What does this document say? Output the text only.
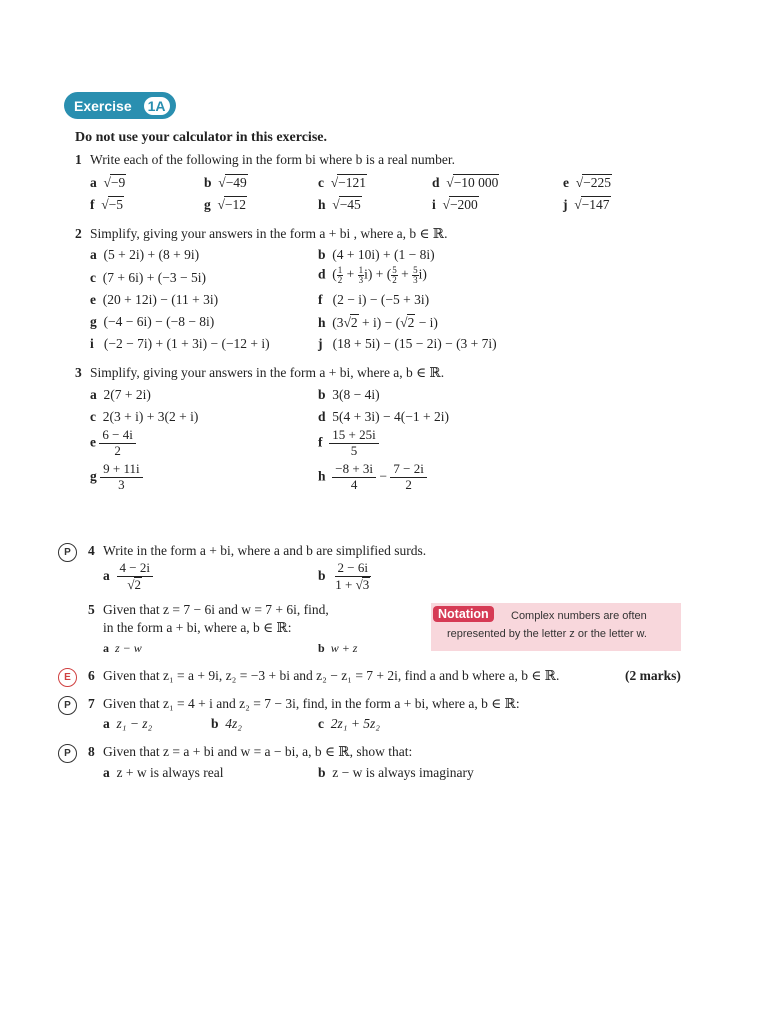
Exercise	1A
Do not use your calculator in this exercise.
1 Write each of the following in the form bi where b is a real number.
a  √−9	b  √−49	c  √−121	d  √−10 000	e  √−225
f  √−5	g  √−12	h  √−45	i  √−200	j  √−147
2 Simplify, giving your answers in the form a + bi , where a, b ∈ ℝ.
a (5 + 2i) + (8 + 9i)	b (4 + 10i) + (1 − 8i)
c (7 + 6i) + (−3 − 5i)	d  ( $\frac{1}{2} + \frac{1}{3} i$) + ( $\frac{5}{2} + \frac{5}{3} i$)
e (20 + 12i) − (11 + 3i)	f (2 − i) − (−5 + 3i)
g (−4 − 6i) − (−8 − 8i)	h  (3√2 + i) − (√2 − i)
i (−2 − 7i) + (1 + 3i) − (−12 + i)	j (18 + 5i) − (15 − 2i) − (3 + 7i)
3 Simplify, giving your answers in the form a + bi, where a, b ∈ ℝ.
a 2(7 + 2i)	b 3(8 − 4i)
c 2(3 + i) + 3(2 + i)	d 5(4 + 3i) − 4(−1 + 2i)
e $\frac{6 - 4i}{2}$	f $\frac{15 + 25i}{5}$
g $\frac{9 + 11i}{3}$	h $\frac{-8 + 3i}{4} - \frac{7 - 2i}{2}$
P	4 Write in the form a + bi, where a and b are simplified surds.
a $\frac{4 - 2i}{√2}$	b $\frac{2 - 6i}{1 + √3}$
5 Given that z = 7 − 6i and w = 7 + 6i, find,
in the form a + bi, where a, b ∈ ℝ:
a z − w	b w + z
Notation	Complex numbers are often
represented by the letter z or the letter w.
E	6 Given that z₁ = a + 9i, z₂ = −3 + bi and z₂ − z₁ = 7 + 2i, find a and b where a, b ∈ ℝ.	(2 marks)
P	7 Given that z₁ = 4 + i and z₂ = 7 − 3i, find, in the form a + bi, where a, b ∈ ℝ:
a z₁ − z₂	b 4z₂	c 2z₁ + 5z₂
P	8 Given that z = a + bi and w = a − bi, a, b ∈ ℝ, show that:
a z + w is always real	b z − w is always imaginary
